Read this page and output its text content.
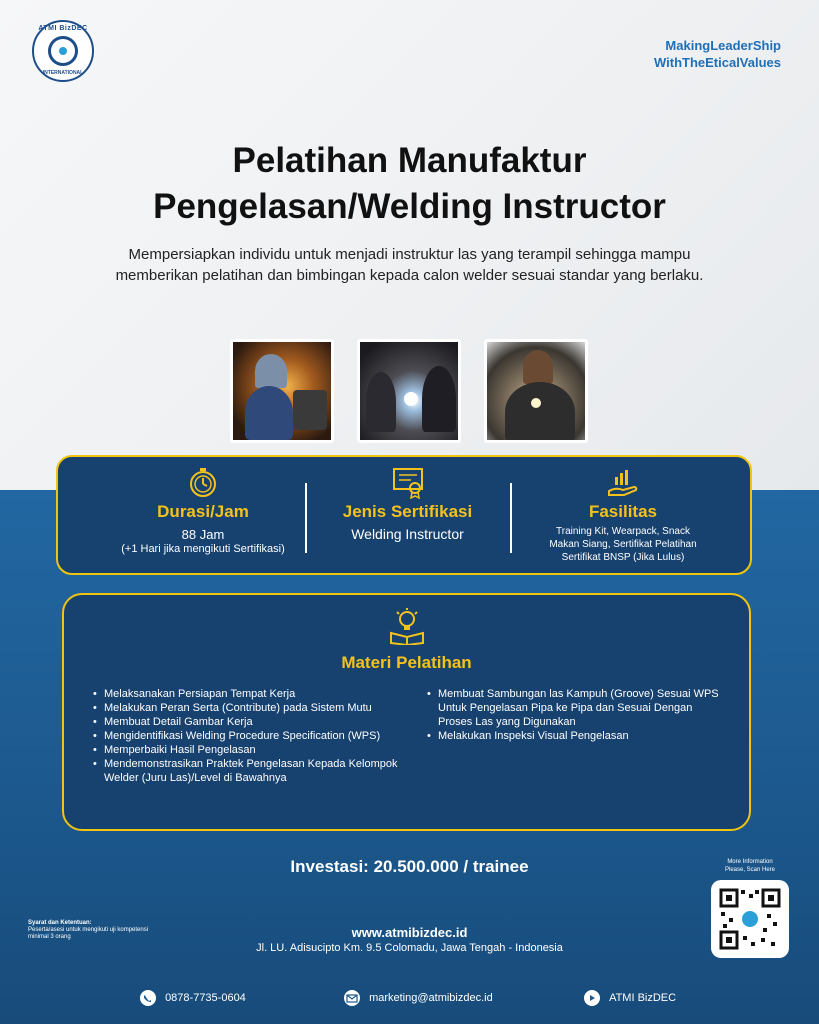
ATMI BizDEC
INTERNATIONAL
MakingLeaderShip
WithTheEticalValues
Pelatihan Manufaktur
Pengelasan/Welding Instructor
Mempersiapkan individu untuk menjadi instruktur las yang terampil sehingga mampu
memberikan pelatihan dan bimbingan kepada calon welder sesuai standar yang berlaku.
Durasi/Jam
88 Jam
(+1 Hari jika mengikuti Sertifikasi)
Jenis Sertifikasi
Welding Instructor
Fasilitas
Training Kit, Wearpack, Snack
Makan Siang, Sertifikat Pelatihan
Sertifikat BNSP (Jika Lulus)
Materi Pelatihan
• Melaksanakan Persiapan Tempat Kerja
• Melakukan Peran Serta (Contribute) pada Sistem Mutu
• Membuat Detail Gambar Kerja
• Mengidentifikasi Welding Procedure Specification (WPS)
• Memperbaiki Hasil Pengelasan
• Mendemonstrasikan Praktek Pengelasan Kepada Kelompok Welder (Juru Las)/Level di Bawahnya
• Membuat Sambungan las Kampuh (Groove) Sesuai WPS Untuk Pengelasan Pipa ke Pipa dan Sesuai Dengan Proses Las yang Digunakan
• Melakukan Inspeksi Visual Pengelasan
Investasi: 20.500.000 / trainee	More Information
Please, Scan Here
Syarat dan Ketentuan:
Peserta/asesi untuk mengikuti uji kompetensi minimal 3 orang	www.atmibizdec.id
Jl. LU. Adisucipto Km. 9.5 Colomadu, Jawa Tengah - Indonesia
0878-7735-0604	marketing@atmibizdec.id	ATMI BizDEC
